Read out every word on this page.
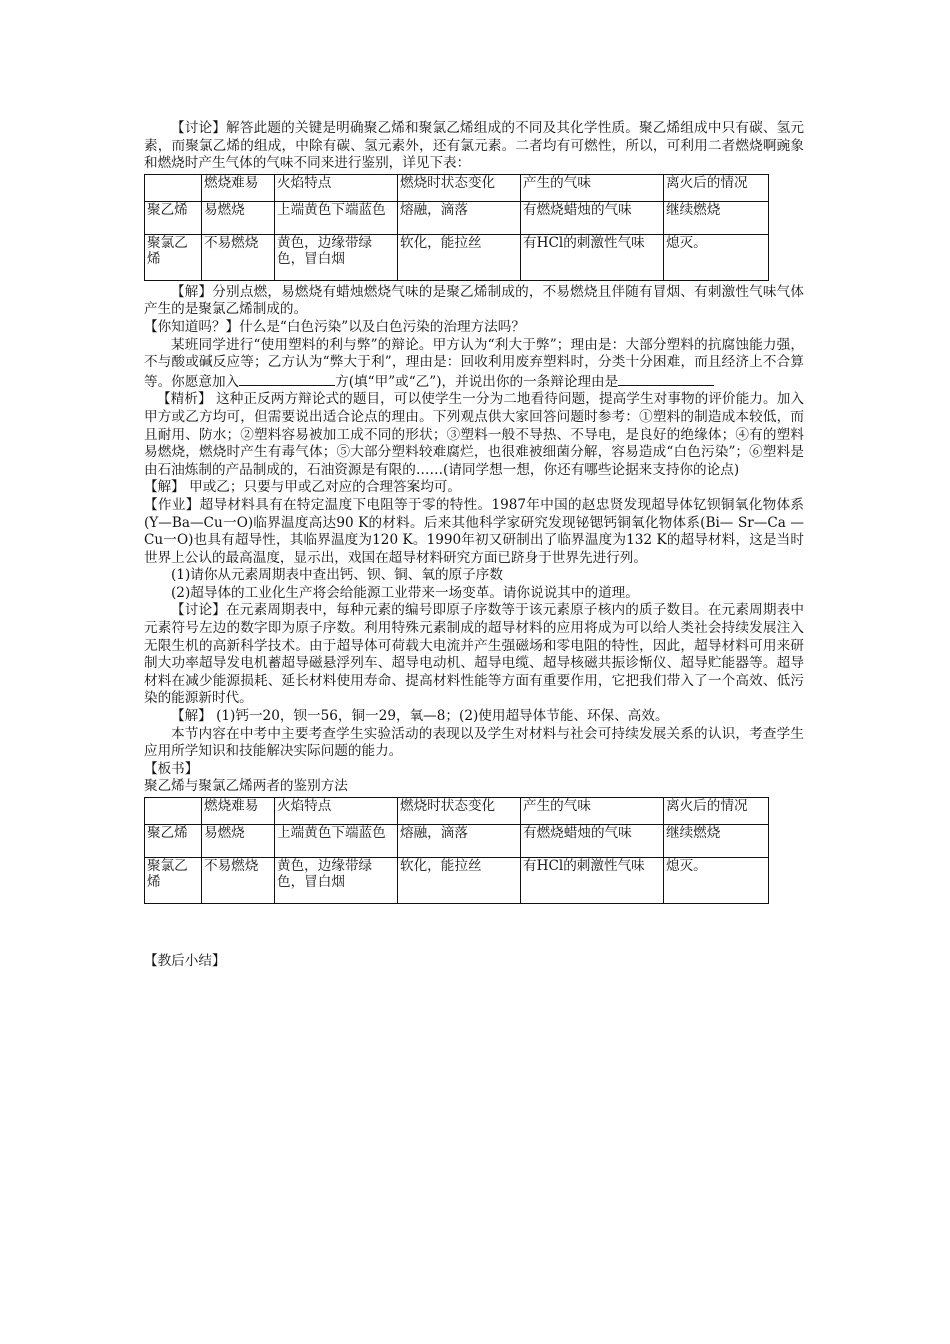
【讨论】解答此题的关键是明确聚乙烯和聚氯乙烯组成的不同及其化学性质。聚乙烯组成中只有碳、氢元素，而聚氯乙烯的组成，中除有碳、氢元素外，还有氯元素。二者均有可燃性，所以，可利用二者燃烧啊豌象和燃烧时产生气体的气味不同来进行鉴别，详见下表：

	燃烧难易	火焰特点	燃烧时状态变化	产生的气味	离火后的情况
聚乙烯	易燃烧	上端黄色下端蓝色	熔融，滴落	有燃烧蜡烛的气味	继续燃烧
聚氯乙烯	不易燃烧	黄色，边缘带绿色，冒白烟	软化，能拉丝	有HCl的刺激性气味	熄灭。

【解】分别点燃，易燃烧有蜡烛燃烧气味的是聚乙烯制成的，不易燃烧且伴随有冒烟、有刺激性气味气体产生的是聚氯乙烯制成的。

【你知道吗？】什么是“白色污染”以及白色污染的治理方法吗？

某班同学进行“使用塑料的利与弊”的辩论。甲方认为“利大于弊”；理由是：大部分塑料的抗腐蚀能力强，不与酸或碱反应等；乙方认为“弊大于利”，理由是：回收利用废弃塑料时，分类十分困难，而且经济上不合算等。你愿意加入	方(填“甲”或“乙”)，并说出你的一条辩论理由是

【精析】 这种正反两方辩论式的题目，可以使学生一分为二地看待问题，提高学生对事物的评价能力。加入甲方或乙方均可，但需要说出适合论点的理由。下列观点供大家回答问题时参考：①塑料的制造成本较低，而且耐用、防水；②塑料容易被加工成不同的形状；③塑料一般不导热、不导电，是良好的绝缘体；④有的塑料易燃烧，燃烧时产生有毒气体；⑤大部分塑料较难腐烂，也很难被细菌分解，容易造成“白色污染”；⑥塑料是由石油炼制的产品制成的，石油资源是有限的……(请同学想一想，你还有哪些论据来支持你的论点)

【解】 甲或乙；只要与甲或乙对应的合理答案均可。

【作业】超导材料具有在特定温度下电阻等于零的特性。1987年中国的赵忠贤发现超导体钇钡铜氧化物体系(Y—Ba—Cu一O)临界温度高达90 K的材料。后来其他科学家研究发现铋锶钙铜氧化物体系(Bi— Sr—Ca —Cu一O)也具有超导性，其临界温度为120 K。1990年初又研制出了临界温度为132 K的超导材料，这是当时世界上公认的最高温度，显示出，戏国在超导材料研究方面已跻身于世界先进行列。

(1)请你从元素周期表中查出钙、钡、铜、氧的原子序数

(2)超导体的工业化生产将会给能源工业带来一场变革。请你说说其中的道理。

【讨论】在元素周期表中，每种元素的编号即原子序数等于该元素原子核内的质子数目。在元素周期表中元素符号左边的数字即为原子序数。利用特殊元素制成的超导材料的应用将成为可以给人类社会持续发展注入无限生机的高新科学技术。由于超导体可荷载大电流并产生强磁场和零电阻的特性，因此，超导材料可用来研制大功率超导发电机蓄超导磁悬浮列车、超导电动机、超导电缆、超导核磁共振诊惭仪、超导贮能器等。超导材料在减少能源损耗、延长材料使用寿命、提高材料性能等方面有重要作用，它把我们带入了一个高效、低污染的能源新时代。

【解】 (1)钙一20，钡一56，铜一29，氧—8；(2)使用超导体节能、环保、高效。

本节内容在中考中主要考查学生实验活动的表现以及学生对材料与社会可持续发展关系的认识，考查学生应用所学知识和技能解决实际问题的能力。

【板书】

聚乙烯与聚氯乙烯两者的鉴别方法

	燃烧难易	火焰特点	燃烧时状态变化	产生的气味	离火后的情况
聚乙烯	易燃烧	上端黄色下端蓝色	熔融，滴落	有燃烧蜡烛的气味	继续燃烧
聚氯乙烯	不易燃烧	黄色，边缘带绿色，冒白烟	软化，能拉丝	有HCl的刺激性气味	熄灭。

【教后小结】
